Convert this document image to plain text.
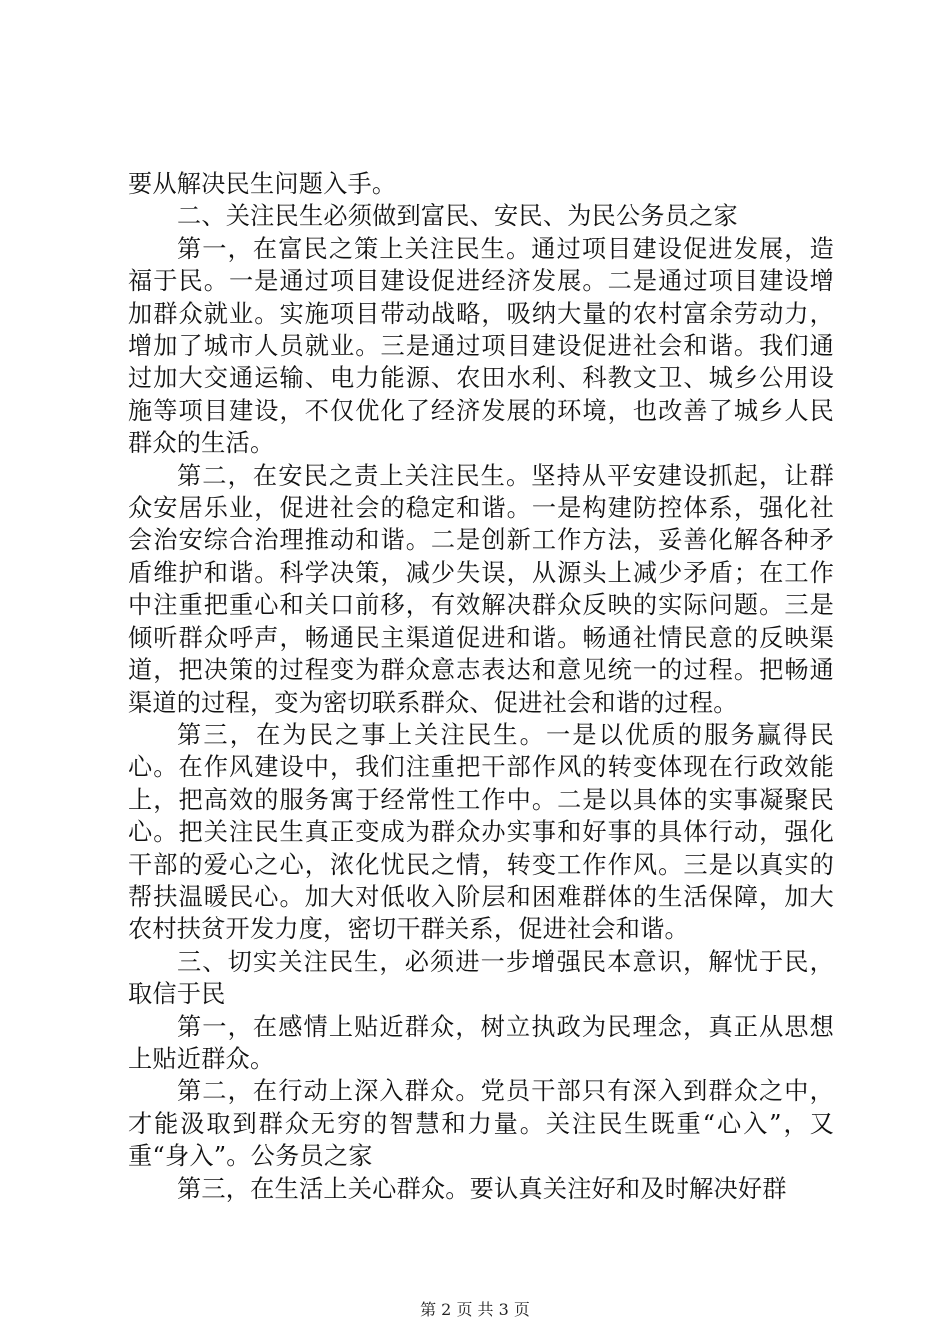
要从解决民生问题入手。

二、关注民生必须做到富民、安民、为民公务员之家

第一，在富民之策上关注民生。通过项目建设促进发展，造福于民。一是通过项目建设促进经济发展。二是通过项目建设增加群众就业。实施项目带动战略，吸纳大量的农村富余劳动力，增加了城市人员就业。三是通过项目建设促进社会和谐。我们通过加大交通运输、电力能源、农田水利、科教文卫、城乡公用设施等项目建设，不仅优化了经济发展的环境，也改善了城乡人民群众的生活。

第二，在安民之责上关注民生。坚持从平安建设抓起，让群众安居乐业，促进社会的稳定和谐。一是构建防控体系，强化社会治安综合治理推动和谐。二是创新工作方法，妥善化解各种矛盾维护和谐。科学决策，减少失误，从源头上减少矛盾；在工作中注重把重心和关口前移，有效解决群众反映的实际问题。三是倾听群众呼声，畅通民主渠道促进和谐。畅通社情民意的反映渠道，把决策的过程变为群众意志表达和意见统一的过程。把畅通渠道的过程，变为密切联系群众、促进社会和谐的过程。

第三，在为民之事上关注民生。一是以优质的服务赢得民心。在作风建设中，我们注重把干部作风的转变体现在行政效能上，把高效的服务寓于经常性工作中。二是以具体的实事凝聚民心。把关注民生真正变成为群众办实事和好事的具体行动，强化干部的爱心之心，浓化忧民之情，转变工作作风。三是以真实的帮扶温暖民心。加大对低收入阶层和困难群体的生活保障，加大农村扶贫开发力度，密切干群关系，促进社会和谐。

三、切实关注民生，必须进一步增强民本意识，解忧于民，取信于民

第一，在感情上贴近群众，树立执政为民理念，真正从思想上贴近群众。

第二，在行动上深入群众。党员干部只有深入到群众之中，才能汲取到群众无穷的智慧和力量。关注民生既重“心入”，又重“身入”。公务员之家

第三，在生活上关心群众。要认真关注好和及时解决好群

第 2 页 共 3 页
